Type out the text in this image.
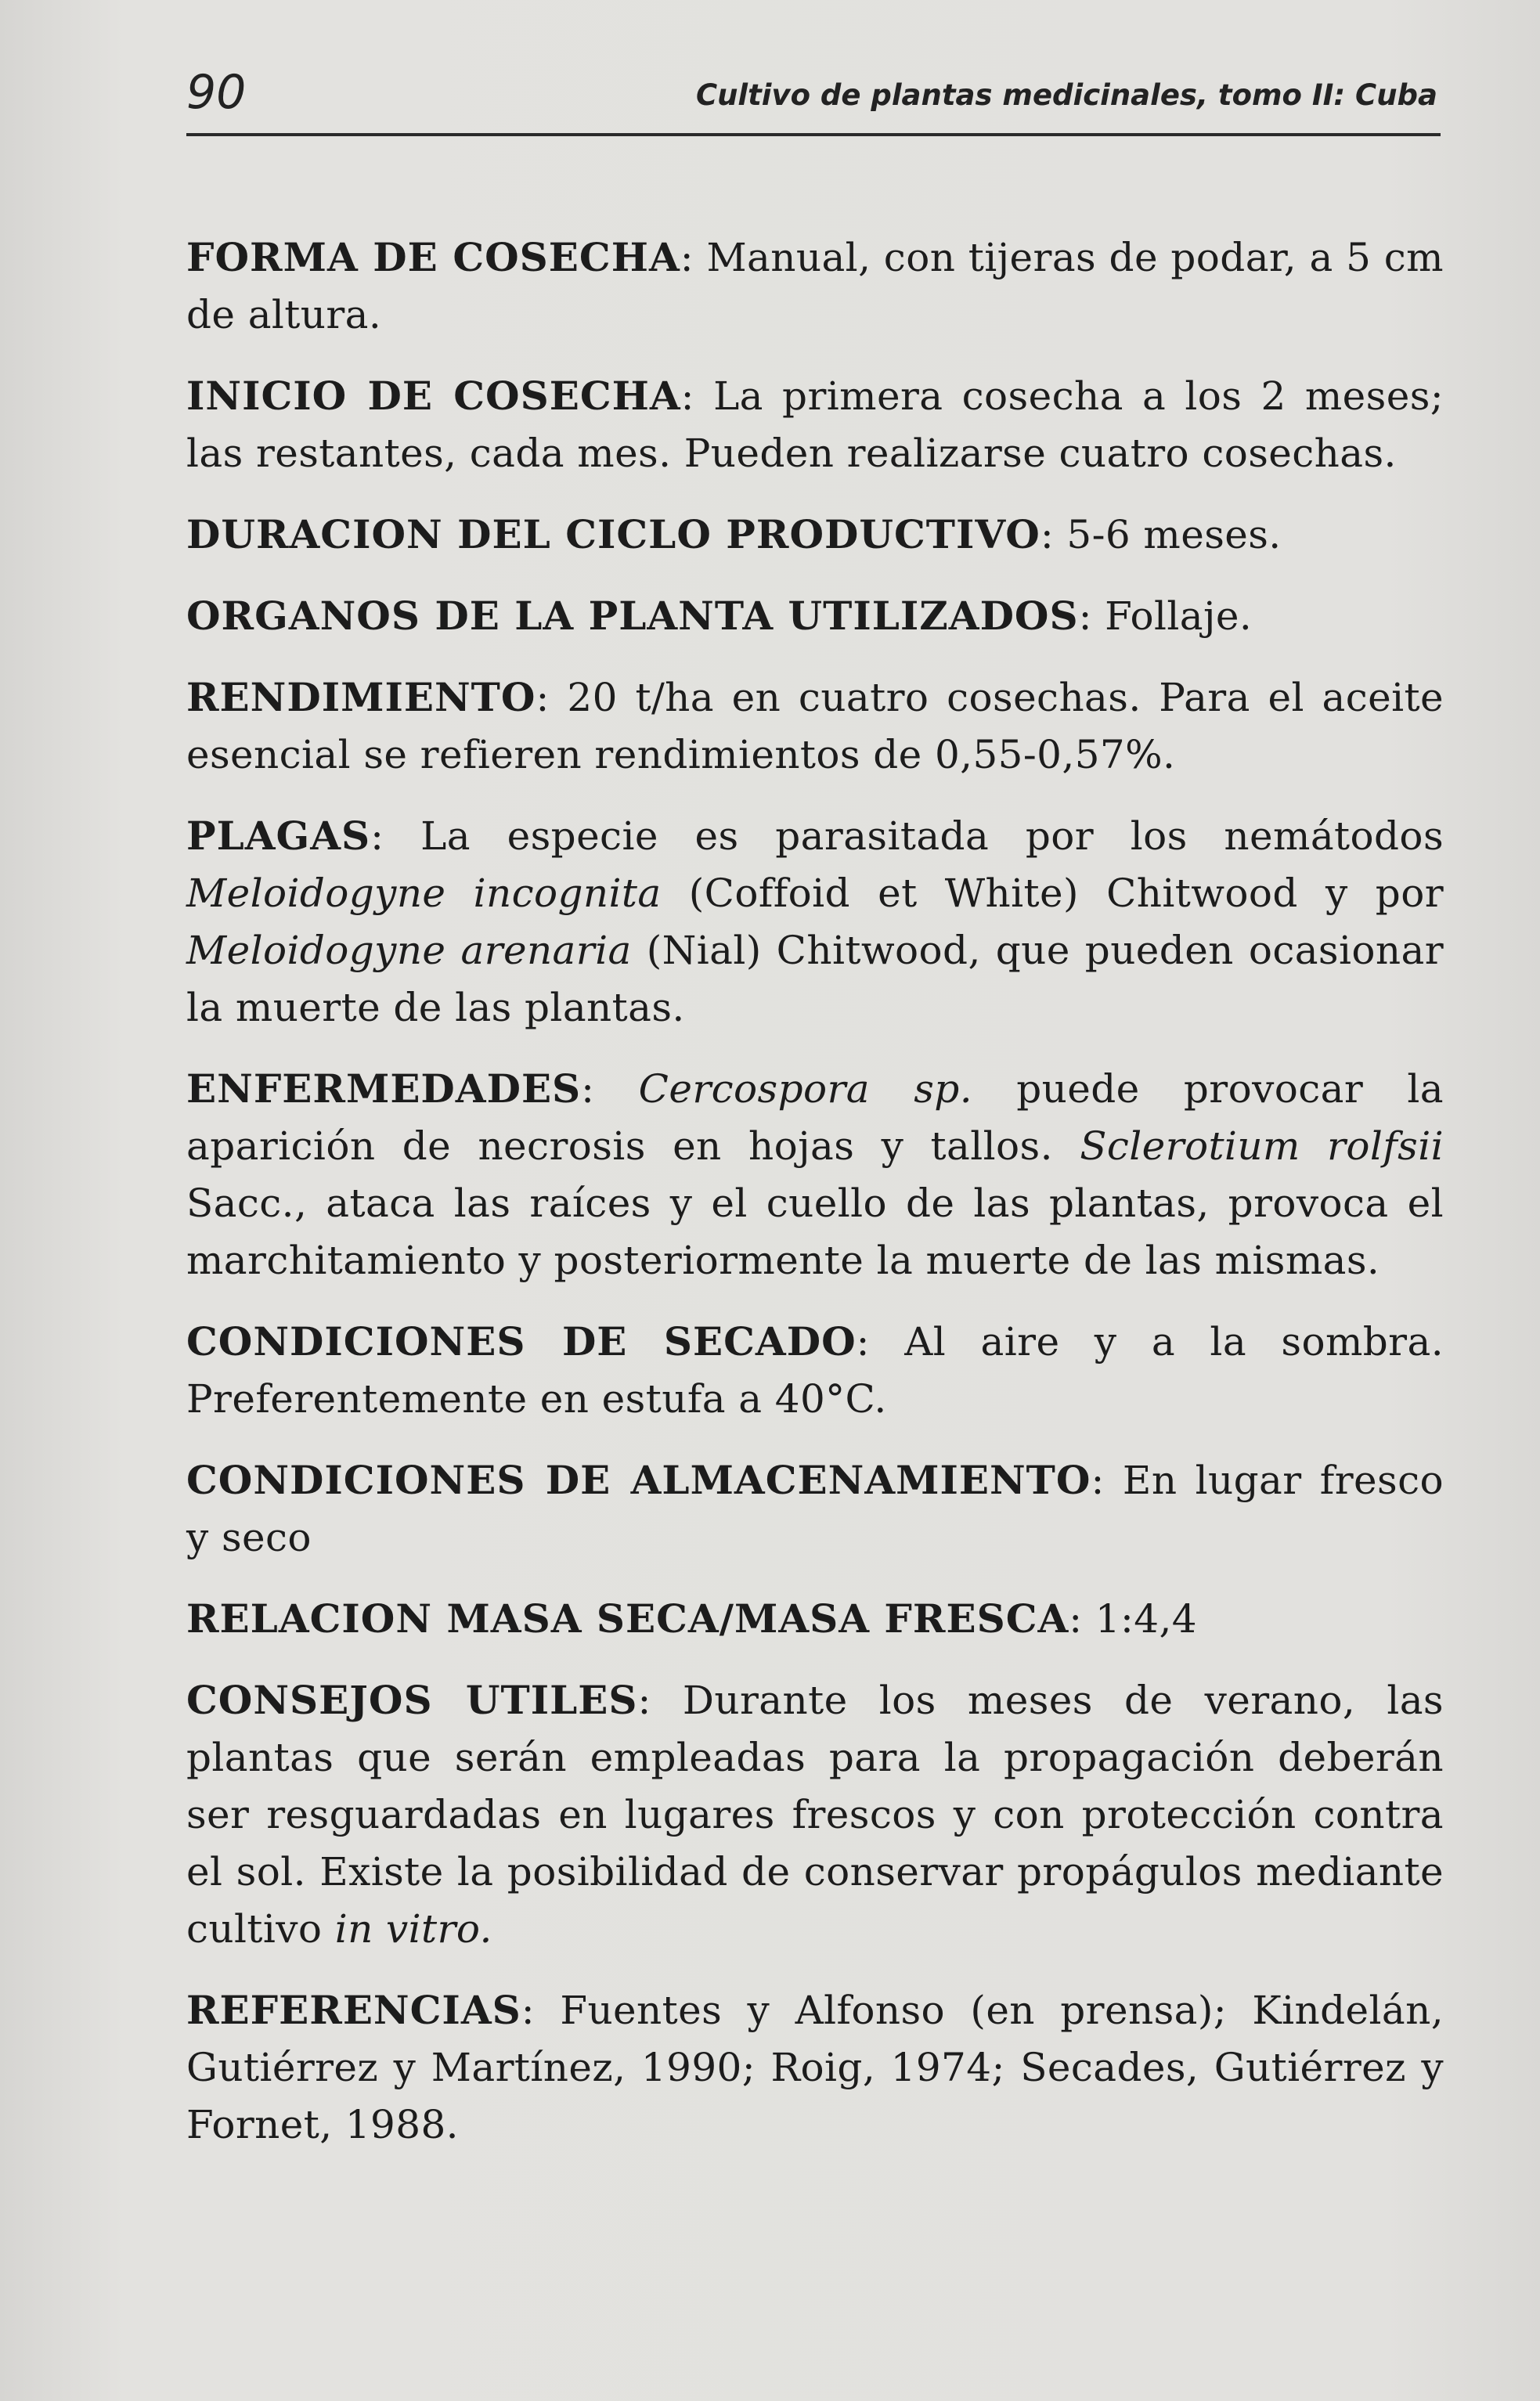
90	Cultivo de plantas medicinales, tomo II: Cuba

FORMA DE COSECHA: Manual, con tijeras de podar, a 5 cm de altura.

INICIO DE COSECHA: La primera cosecha a los 2 meses; las restantes, cada mes. Pueden realizarse cuatro cosechas.

DURACION DEL CICLO PRODUCTIVO: 5-6 meses.

ORGANOS DE LA PLANTA UTILIZADOS: Follaje.

RENDIMIENTO: 20 t/ha en cuatro cosechas. Para el aceite esencial se refieren rendimientos de 0,55-0,57%.

PLAGAS: La especie es parasitada por los nemátodos Meloidogyne incognita (Coffoid et White) Chitwood y por Meloidogyne arenaria (Nial) Chitwood, que pueden ocasionar la muerte de las plantas.

ENFERMEDADES: Cercospora sp. puede provocar la aparición de necrosis en hojas y tallos. Sclerotium rolfsii Sacc., ataca las raíces y el cuello de las plantas, provoca el marchitamiento y posteriormente la muerte de las mismas.

CONDICIONES DE SECADO: Al aire y a la sombra. Preferentemente en estufa a 40°C.

CONDICIONES DE ALMACENAMIENTO: En lugar fresco y seco

RELACION MASA SECA/MASA FRESCA: 1:4,4

CONSEJOS UTILES: Durante los meses de verano, las plantas que serán empleadas para la propagación deberán ser resguardadas en lugares frescos y con protección contra el sol. Existe la posibilidad de conservar propágulos mediante cultivo in vitro.

REFERENCIAS: Fuentes y Alfonso (en prensa); Kindelán, Gutiérrez y Martínez, 1990; Roig, 1974; Secades, Gutiérrez y Fornet, 1988.
